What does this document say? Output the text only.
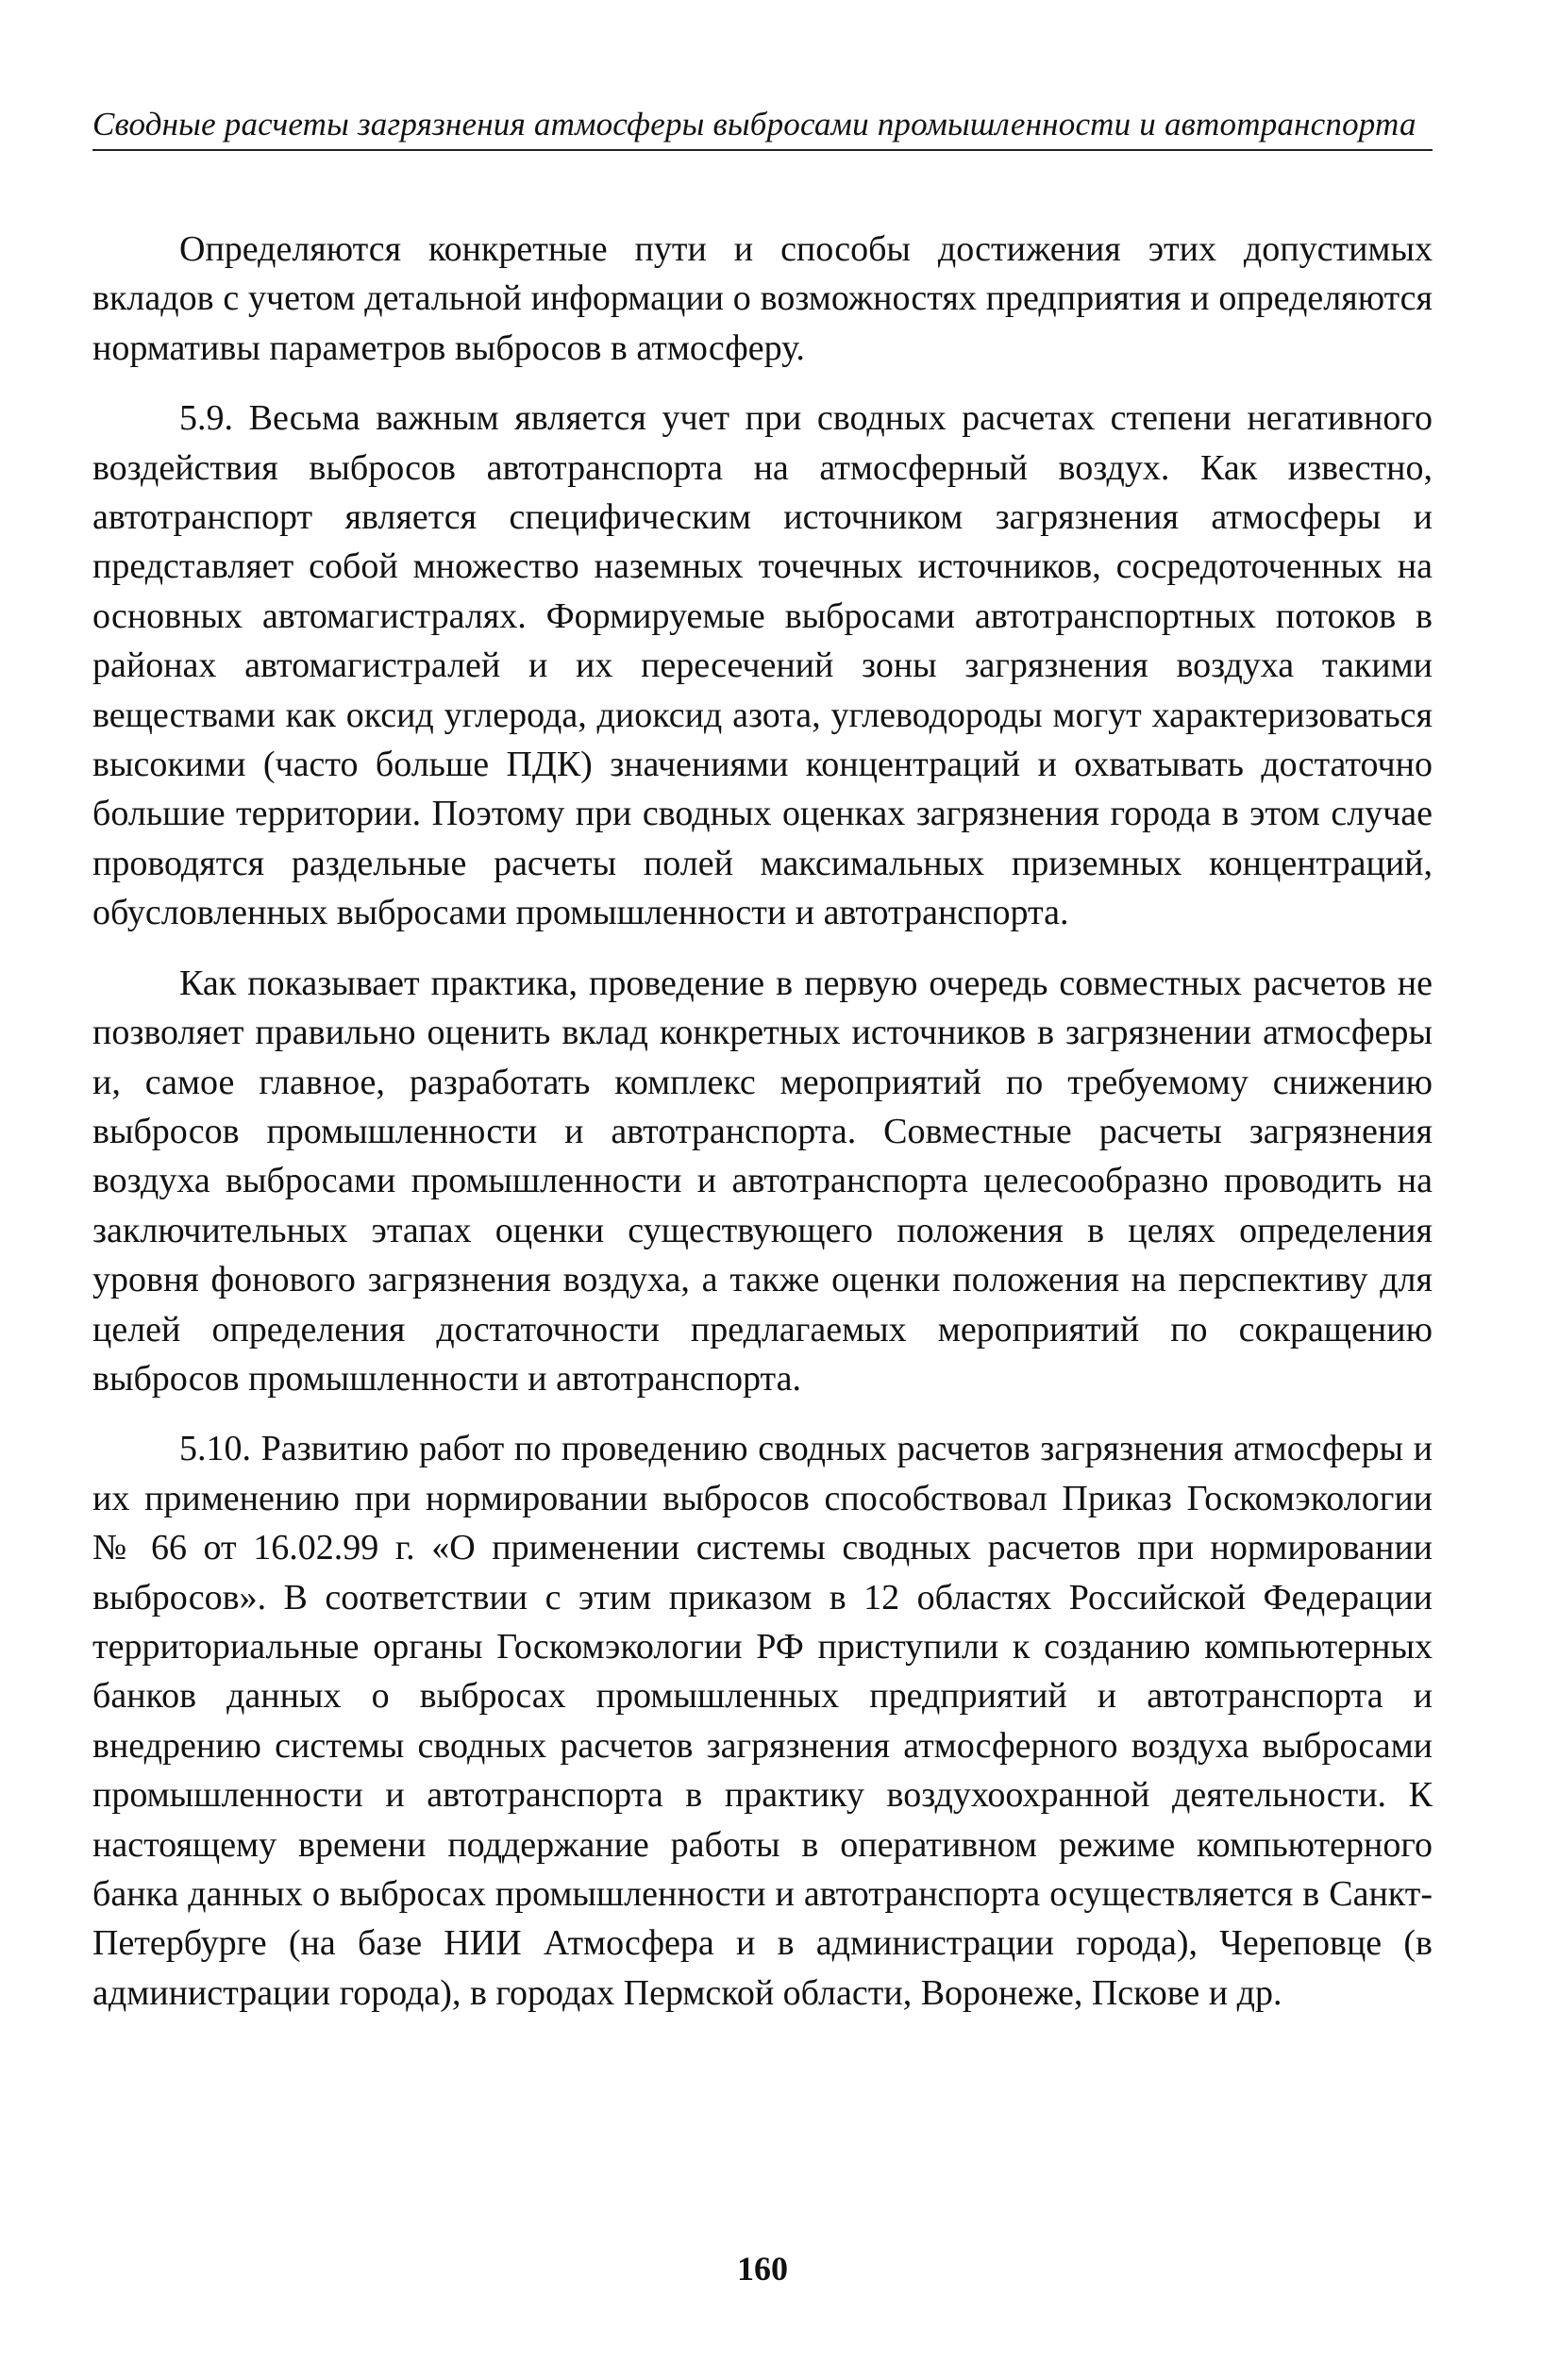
Сводные расчеты загрязнения атмосферы выбросами промышленности и автотранспорта

Определяются конкретные пути и способы достижения этих допустимых вкладов с учетом детальной информации о возможностях предприятия и определяются нормативы параметров выбросов в атмосферу.

5.9. Весьма важным является учет при сводных расчетах степени негативного воздействия выбросов автотранспорта на атмосферный воздух. Как известно, автотранспорт является специфическим источником загрязнения атмосферы и представляет собой множество наземных точечных источников, сосредоточенных на основных автомагистралях. Формируемые выбросами автотранспортных потоков в районах автомагистралей и их пересечений зоны загрязнения воздуха такими веществами как оксид углерода, диоксид азота, углеводороды могут характеризоваться высокими (часто больше ПДК) значениями концентраций и охватывать достаточно большие территории. Поэтому при сводных оценках загрязнения города в этом случае проводятся раздельные расчеты полей максимальных приземных концентраций, обусловленных выбросами промышленности и автотранспорта.

Как показывает практика, проведение в первую очередь совместных расчетов не позволяет правильно оценить вклад конкретных источников в загрязнении атмосферы и, самое главное, разработать комплекс мероприятий по требуемому снижению выбросов промышленности и автотранспорта. Совместные расчеты загрязнения воздуха выбросами промышленности и автотранспорта целесообразно проводить на заключительных этапах оценки существующего положения в целях определения уровня фонового загрязнения воздуха, а также оценки положения на перспективу для целей определения достаточности предлагаемых мероприятий по сокращению выбросов промышленности и автотранспорта.

5.10. Развитию работ по проведению сводных расчетов загрязнения атмосферы и их применению при нормировании выбросов способствовал Приказ Госкомэкологии № 66 от 16.02.99 г. «О применении системы сводных расчетов при нормировании выбросов». В соответствии с этим приказом в 12 областях Российской Федерации территориальные органы Госкомэкологии РФ приступили к созданию компьютерных банков данных о выбросах промышленных предприятий и автотранспорта и внедрению системы сводных расчетов загрязнения атмосферного воздуха выбросами промышленности и автотранспорта в практику воздухоохранной деятельности. К настоящему времени поддержание работы в оперативном режиме компьютерного банка данных о выбросах промышленности и автотранспорта осуществляется в Санкт-Петербурге (на базе НИИ Атмосфера и в администрации города), Череповце (в администрации города), в городах Пермской области, Воронеже, Пскове и др.

160
